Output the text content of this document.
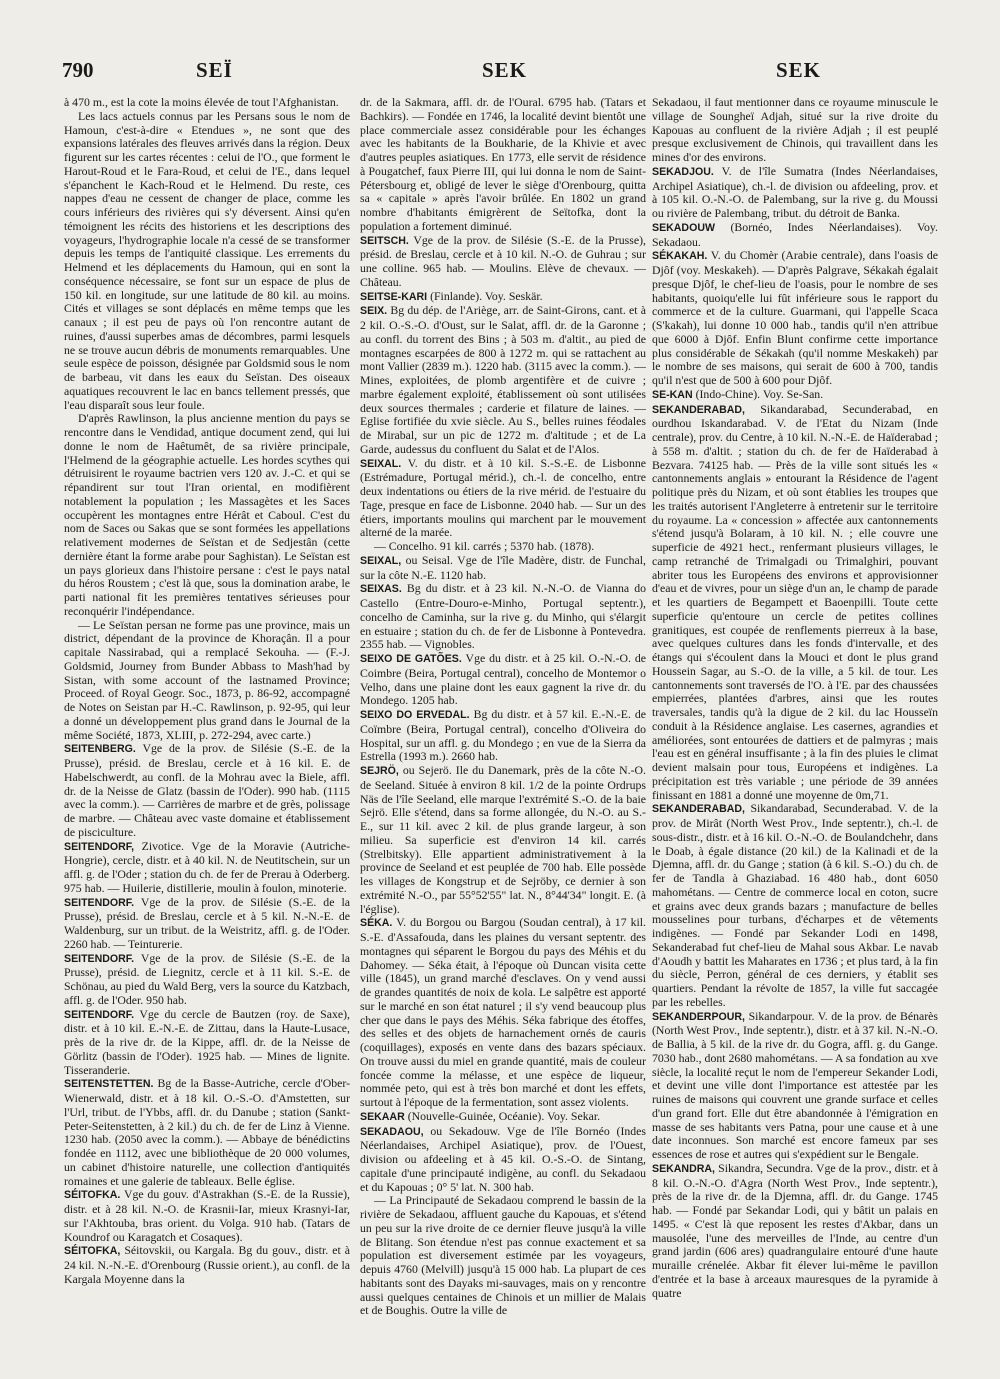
790	SEÏ	SEK	SEK

à 470 m., est la cote la moins élevée de tout l'Afghanistan.

Les lacs actuels connus par les Persans sous le nom de Hamoun, c'est-à-dire « Etendues », ne sont que des expansions latérales des fleuves arrivés dans la région. Deux figurent sur les cartes récentes : celui de l'O., que forment le Harout-Roud et le Fara-Roud, et celui de l'E., dans lequel s'épanchent le Kach-Roud et le Helmend. Du reste, ces nappes d'eau ne cessent de changer de place, comme les cours inférieurs des rivières qui s'y déversent. Ainsi qu'en témoignent les récits des historiens et les descriptions des voyageurs, l'hydrographie locale n'a cessé de se transformer depuis les temps de l'antiquité classique. Les errements du Helmend et les déplacements du Hamoun, qui en sont la conséquence nécessaire, se font sur un espace de plus de 150 kil. en longitude, sur une latitude de 80 kil. au moins. Cités et villages se sont déplacés en même temps que les canaux ; il est peu de pays où l'on rencontre autant de ruines, d'aussi superbes amas de décombres, parmi lesquels ne se trouve aucun débris de monuments remarquables. Une seule espèce de poisson, désignée par Goldsmid sous le nom de barbeau, vit dans les eaux du Seïstan. Des oiseaux aquatiques recouvrent le lac en bancs tellement pressés, que l'eau disparaît sous leur foule.

D'après Rawlinson, la plus ancienne mention du pays se rencontre dans le Vendidad, antique document zend, qui lui donne le nom de Haêtumêt, de sa rivière principale, l'Helmend de la géographie actuelle. Les hordes scythes qui détruisirent le royaume bactrien vers 120 av. J.-C. et qui se répandirent sur tout l'Iran oriental, en modifièrent notablement la population ; les Massagètes et les Saces occupèrent les montagnes entre Hérât et Caboul. C'est du nom de Saces ou Sakas que se sont formées les appellations relativement modernes de Seïstan et de Sedjestân (cette dernière étant la forme arabe pour Saghistan). Le Seïstan est un pays glorieux dans l'histoire persane : c'est le pays natal du héros Roustem ; c'est là que, sous la domination arabe, le parti national fit les premières tentatives sérieuses pour reconquérir l'indépendance.

— Le Seïstan persan ne forme pas une province, mais un district, dépendant de la province de Khoraçân. Il a pour capitale Nassirabad, qui a remplacé Sekouha. — (F.-J. Goldsmid, Journey from Bunder Abbass to Mash'had by Sistan, with some account of the lastnamed Province; Proceed. of Royal Geogr. Soc., 1873, p. 86-92, accompagné de Notes on Seistan par H.-C. Rawlinson, p. 92-95, qui leur a donné un développement plus grand dans le Journal de la même Société, 1873, XLIII, p. 272-294, avec carte.)

SEITENBERG. Vge de la prov. de Silésie (S.-E. de la Prusse), présid. de Breslau, cercle et à 16 kil. E. de Habelschwerdt, au confl. de la Mohrau avec la Biele, affl. dr. de la Neisse de Glatz (bassin de l'Oder). 990 hab. (1115 avec la comm.). — Carrières de marbre et de grès, polissage de marbre. — Château avec vaste domaine et établissement de pisciculture.

SEITENDORF, Zivotice. Vge de la Moravie (Autriche-Hongrie), cercle, distr. et à 40 kil. N. de Neutitschein, sur un affl. g. de l'Oder ; station du ch. de fer de Prerau à Oderberg. 975 hab. — Huilerie, distillerie, moulin à foulon, minoterie.

SEITENDORF. Vge de la prov. de Silésie (S.-E. de la Prusse), présid. de Breslau, cercle et à 5 kil. N.-N.-E. de Waldenburg, sur un tribut. de la Weistritz, affl. g. de l'Oder. 2260 hab. — Teinturerie.

SEITENDORF. Vge de la prov. de Silésie (S.-E. de la Prusse), présid. de Liegnitz, cercle et à 11 kil. S.-E. de Schönau, au pied du Wald Berg, vers la source du Katzbach, affl. g. de l'Oder. 950 hab.

SEITENDORF. Vge du cercle de Bautzen (roy. de Saxe), distr. et à 10 kil. E.-N.-E. de Zittau, dans la Haute-Lusace, près de la rive dr. de la Kippe, affl. dr. de la Neisse de Görlitz (bassin de l'Oder). 1925 hab. — Mines de lignite. Tisseranderie.

SEITENSTETTEN. Bg de la Basse-Autriche, cercle d'Ober-Wienerwald, distr. et à 18 kil. O.-S.-O. d'Amstetten, sur l'Url, tribut. de l'Ybbs, affl. dr. du Danube ; station (Sankt-Peter-Seitenstetten, à 2 kil.) du ch. de fer de Linz à Vienne. 1230 hab. (2050 avec la comm.). — Abbaye de bénédictins fondée en 1112, avec une bibliothèque de 20 000 volumes, un cabinet d'histoire naturelle, une collection d'antiquités romaines et une galerie de tableaux. Belle église.

SÉITOFKA. Vge du gouv. d'Astrakhan (S.-E. de la Russie), distr. et à 28 kil. N.-O. de Krasnii-Iar, mieux Krasnyi-Iar, sur l'Akhtouba, bras orient. du Volga. 910 hab. (Tatars de Koundrof ou Karagatch et Cosaques).

SÉITOFKA, Séitovskii, ou Kargala. Bg du gouv., distr. et à 24 kil. N.-N.-E. d'Orenbourg (Russie orient.), au confl. de la Kargala Moyenne dans la

dr. de la Sakmara, affl. dr. de l'Oural. 6795 hab. (Tatars et Bachkirs). — Fondée en 1746, la localité devint bientôt une place commerciale assez considérable pour les échanges avec les habitants de la Boukharie, de la Khivie et avec d'autres peuples asiatiques. En 1773, elle servit de résidence à Pougatchef, faux Pierre III, qui lui donna le nom de Saint-Pétersbourg et, obligé de lever le siège d'Orenbourg, quitta sa « capitale » après l'avoir brûlée. En 1802 un grand nombre d'habitants émigrèrent de Seïtofka, dont la population a fortement diminué.

SEITSCH. Vge de la prov. de Silésie (S.-E. de la Prusse), présid. de Breslau, cercle et à 10 kil. N.-O. de Guhrau ; sur une colline. 965 hab. — Moulins. Elève de chevaux. — Château.

SEITSE-KARI (Finlande). Voy. Seskär.

SEIX. Bg du dép. de l'Ariège, arr. de Saint-Girons, cant. et à 2 kil. O.-S.-O. d'Oust, sur le Salat, affl. dr. de la Garonne ; au confl. du torrent des Bins ; à 503 m. d'altit., au pied de montagnes escarpées de 800 à 1272 m. qui se rattachent au mont Vallier (2839 m.). 1220 hab. (3115 avec la comm.). — Mines, exploitées, de plomb argentifère et de cuivre ; marbre également exploité, établissement où sont utilisées deux sources thermales ; carderie et filature de laines. — Eglise fortifiée du xvie siècle. Au S., belles ruines féodales de Mirabal, sur un pic de 1272 m. d'altitude ; et de La Garde, audessus du confluent du Salat et de l'Alos.

SEIXAL. V. du distr. et à 10 kil. S.-S.-E. de Lisbonne (Estrémadure, Portugal mérid.), ch.-l. de concelho, entre deux indentations ou étiers de la rive mérid. de l'estuaire du Tage, presque en face de Lisbonne. 2040 hab. — Sur un des étiers, importants moulins qui marchent par le mouvement alterné de la marée.

— Concelho. 91 kil. carrés ; 5370 hab. (1878).

SEIXAL, ou Seisal. Vge de l'île Madère, distr. de Funchal, sur la côte N.-E. 1120 hab.

SEIXAS. Bg du distr. et à 23 kil. N.-N.-O. de Vianna do Castello (Entre-Douro-e-Minho, Portugal septentr.), concelho de Caminha, sur la rive g. du Minho, qui s'élargit en estuaire ; station du ch. de fer de Lisbonne à Pontevedra. 2355 hab. — Vignobles.

SEIXO DE GATÕES. Vge du distr. et à 25 kil. O.-N.-O. de Coimbre (Beira, Portugal central), concelho de Montemor o Velho, dans une plaine dont les eaux gagnent la rive dr. du Mondego. 1205 hab.

SEIXO DO ERVEDAL. Bg du distr. et à 57 kil. E.-N.-E. de Coïmbre (Beira, Portugal central), concelho d'Oliveira do Hospital, sur un affl. g. du Mondego ; en vue de la Sierra da Estrella (1993 m.). 2660 hab.

SEJRÖ, ou Sejerö. Ile du Danemark, près de la côte N.-O. de Seeland. Située à environ 8 kil. 1/2 de la pointe Ordrups Näs de l'île Seeland, elle marque l'extrémité S.-O. de la baie Sejrö. Elle s'étend, dans sa forme allongée, du N.-O. au S.-E., sur 11 kil. avec 2 kil. de plus grande largeur, à son milieu. Sa superficie est d'environ 14 kil. carrés (Strelbitsky). Elle appartient administrativement à la province de Seeland et est peuplée de 700 hab. Elle possède les villages de Kongstrup et de Sejröby, ce dernier à son extrémité N.-O., par 55°52'55" lat. N., 8°44'34" longit. E. (à l'église).

SÉKA. V. du Borgou ou Bargou (Soudan central), à 17 kil. S.-E. d'Assafouda, dans les plaines du versant septentr. des montagnes qui séparent le Borgou du pays des Méhis et du Dahomey. — Séka était, à l'époque où Duncan visita cette ville (1845), un grand marché d'esclaves. On y vend aussi de grandes quantités de noix de kola. Le salpêtre est apporté sur le marché en son état naturel ; il s'y vend beaucoup plus cher que dans le pays des Méhis. Séka fabrique des étoffes, des selles et des objets de harnachement ornés de cauris (coquillages), exposés en vente dans des bazars spéciaux. On trouve aussi du miel en grande quantité, mais de couleur foncée comme la mélasse, et une espèce de liqueur, nommée peto, qui est à très bon marché et dont les effets, surtout à l'époque de la fermentation, sont assez violents.

SEKAAR (Nouvelle-Guinée, Océanie). Voy. Sekar.

SEKADAOU, ou Sekadouw. Vge de l'île Bornéo (Indes Néerlandaises, Archipel Asiatique), prov. de l'Ouest, division ou afdeeling et à 45 kil. O.-S.-O. de Sintang, capitale d'une principauté indigène, au confl. du Sekadaou et du Kapouas ; 0° 5' lat. N. 300 hab.

— La Principauté de Sekadaou comprend le bassin de la rivière de Sekadaou, affluent gauche du Kapouas, et s'étend un peu sur la rive droite de ce dernier fleuve jusqu'à la ville de Blitang. Son étendue n'est pas connue exactement et sa population est diversement estimée par les voyageurs, depuis 4760 (Melvill) jusqu'à 15 000 hab. La plupart de ces habitants sont des Dayaks mi-sauvages, mais on y rencontre aussi quelques centaines de Chinois et un millier de Malais et de Boughis. Outre la ville de

Sekadaou, il faut mentionner dans ce royaume minuscule le village de Soungheï Adjah, situé sur la rive droite du Kapouas au confluent de la rivière Adjah ; il est peuplé presque exclusivement de Chinois, qui travaillent dans les mines d'or des environs.

SEKADJOU. V. de l'île Sumatra (Indes Néerlandaises, Archipel Asiatique), ch.-l. de division ou afdeeling, prov. et à 105 kil. O.-N.-O. de Palembang, sur la rive g. du Moussi ou rivière de Palembang, tribut. du détroit de Banka.

SEKADOUW (Bornéo, Indes Néerlandaises). Voy. Sekadaou.

SÉKAKAH. V. du Chomèr (Arabie centrale), dans l'oasis de Djôf (voy. Meskakeh). — D'après Palgrave, Sékakah égalait presque Djôf, le chef-lieu de l'oasis, pour le nombre de ses habitants, quoiqu'elle lui fût inférieure sous le rapport du commerce et de la culture. Guarmani, qui l'appelle Scaca (S'kakah), lui donne 10 000 hab., tandis qu'il n'en attribue que 6000 à Djôf. Enfin Blunt confirme cette importance plus considérable de Sékakah (qu'il nomme Meskakeh) par le nombre de ses maisons, qui serait de 600 à 700, tandis qu'il n'est que de 500 à 600 pour Djôf.

SE-KAN (Indo-Chine). Voy. Se-San.

SEKANDERABAD, Sikandarabad, Secunderabad, en ourdhou Iskandarabad. V. de l'Etat du Nizam (Inde centrale), prov. du Centre, à 10 kil. N.-N.-E. de Haïderabad ; à 558 m. d'altit. ; station du ch. de fer de Haïderabad à Bezvara. 74125 hab. — Près de la ville sont situés les « cantonnements anglais » entourant la Résidence de l'agent politique près du Nizam, et où sont établies les troupes que les traités autorisent l'Angleterre à entretenir sur le territoire du royaume. La « concession » affectée aux cantonnements s'étend jusqu'à Bolaram, à 10 kil. N. ; elle couvre une superficie de 4921 hect., renfermant plusieurs villages, le camp retranché de Trimalgadi ou Trimalghiri, pouvant abriter tous les Européens des environs et approvisionner d'eau et de vivres, pour un siège d'un an, le champ de parade et les quartiers de Begampett et Baoenpilli. Toute cette superficie qu'entoure un cercle de petites collines granitiques, est coupée de renflements pierreux à la base, avec quelques cultures dans les fonds d'intervalle, et des étangs qui s'écoulent dans la Mouci et dont le plus grand Houssein Sagar, au S.-O. de la ville, a 5 kil. de tour. Les cantonnements sont traversés de l'O. à l'E. par des chaussées empierrées, plantées d'arbres, ainsi que les routes traversales, tandis qu'à la digue de 2 kil. du lac Housseïn conduit à la Résidence anglaise. Les casernes, agrandies et améliorées, sont entourées de dattiers et de palmyras ; mais l'eau est en général insuffisante ; à la fin des pluies le climat devient malsain pour tous, Européens et indigènes. La précipitation est très variable ; une période de 39 années finissant en 1881 a donné une moyenne de 0m,71.

SEKANDERABAD, Sikandarabad, Secunderabad. V. de la prov. de Mirât (North West Prov., Inde septentr.), ch.-l. de sous-distr., distr. et à 16 kil. O.-N.-O. de Boulandchehr, dans le Doab, à égale distance (20 kil.) de la Kalinadi et de la Djemna, affl. dr. du Gange ; station (à 6 kil. S.-O.) du ch. de fer de Tandla à Ghaziabad. 16 480 hab., dont 6050 mahométans. — Centre de commerce local en coton, sucre et grains avec deux grands bazars ; manufacture de belles mousselines pour turbans, d'écharpes et de vêtements indigènes. — Fondé par Sekander Lodi en 1498, Sekanderabad fut chef-lieu de Mahal sous Akbar. Le navab d'Aoudh y battit les Maharates en 1736 ; et plus tard, à la fin du siècle, Perron, général de ces derniers, y établit ses quartiers. Pendant la révolte de 1857, la ville fut saccagée par les rebelles.

SEKANDERPOUR, Sikandarpour. V. de la prov. de Bénarès (North West Prov., Inde septentr.), distr. et à 37 kil. N.-N.-O. de Ballia, à 5 kil. de la rive dr. du Gogra, affl. g. du Gange. 7030 hab., dont 2680 mahométans. — A sa fondation au xve siècle, la localité reçut le nom de l'empereur Sekander Lodi, et devint une ville dont l'importance est attestée par les ruines de maisons qui couvrent une grande surface et celles d'un grand fort. Elle dut être abandonnée à l'émigration en masse de ses habitants vers Patna, pour une cause et à une date inconnues. Son marché est encore fameux par ses essences de rose et autres qui s'expédient sur le Bengale.

SEKANDRA, Sikandra, Secundra. Vge de la prov., distr. et à 8 kil. O.-N.-O. d'Agra (North West Prov., Inde septentr.), près de la rive dr. de la Djemna, affl. dr. du Gange. 1745 hab. — Fondé par Sekandar Lodi, qui y bâtit un palais en 1495. « C'est là que reposent les restes d'Akbar, dans un mausolée, l'une des merveilles de l'Inde, au centre d'un grand jardin (606 ares) quadrangulaire entouré d'une haute muraille crénelée. Akbar fit élever lui-même le pavillon d'entrée et la base à arceaux mauresques de la pyramide à quatre
